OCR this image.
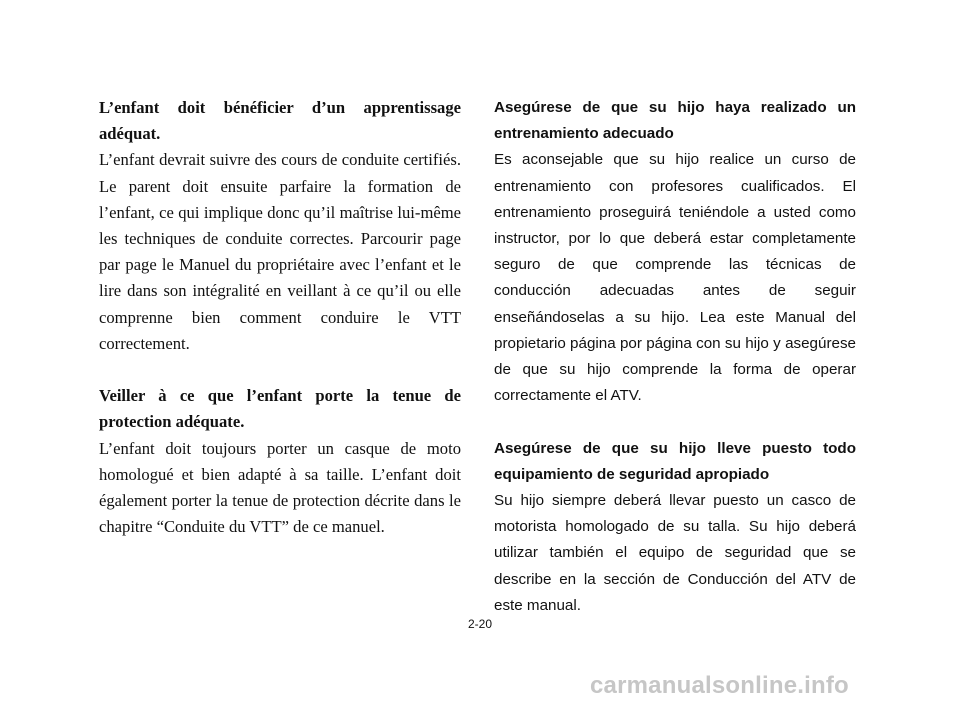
L’enfant doit bénéficier d’un apprentissage adéquat.

L’enfant devrait suivre des cours de conduite certifiés. Le parent doit ensuite parfaire la formation de l’enfant, ce qui implique donc qu’il maîtrise lui-même les techniques de conduite correctes. Parcourir page par page le Manuel du propriétaire avec l’enfant et le lire dans son intégralité en veillant à ce qu’il ou elle comprenne bien comment conduire le VTT correctement.

Veiller à ce que l’enfant porte la tenue de protection adéquate.

L’enfant doit toujours porter un casque de moto homologué et bien adapté à sa taille. L’enfant doit également porter la tenue de protection décrite dans le chapitre “Conduite du VTT” de ce manuel.

Asegúrese de que su hijo haya realizado un entrenamiento adecuado

Es aconsejable que su hijo realice un curso de entrenamiento con profesores cualificados. El entrenamiento proseguirá teniéndole a usted como instructor, por lo que deberá estar completamente seguro de que comprende las técnicas de conducción adecuadas antes de seguir enseñándoselas a su hijo. Lea este Manual del propietario página por página con su hijo y asegúrese de que su hijo comprende la forma de operar correctamente el ATV.

Asegúrese de que su hijo lleve puesto todo equipamiento de seguridad apropiado

Su hijo siempre deberá llevar puesto un casco de motorista homologado de su talla. Su hijo deberá utilizar también el equipo de seguridad que se describe en la sección de Conducción del ATV de este manual.

2-20
carmanualsonline.info
